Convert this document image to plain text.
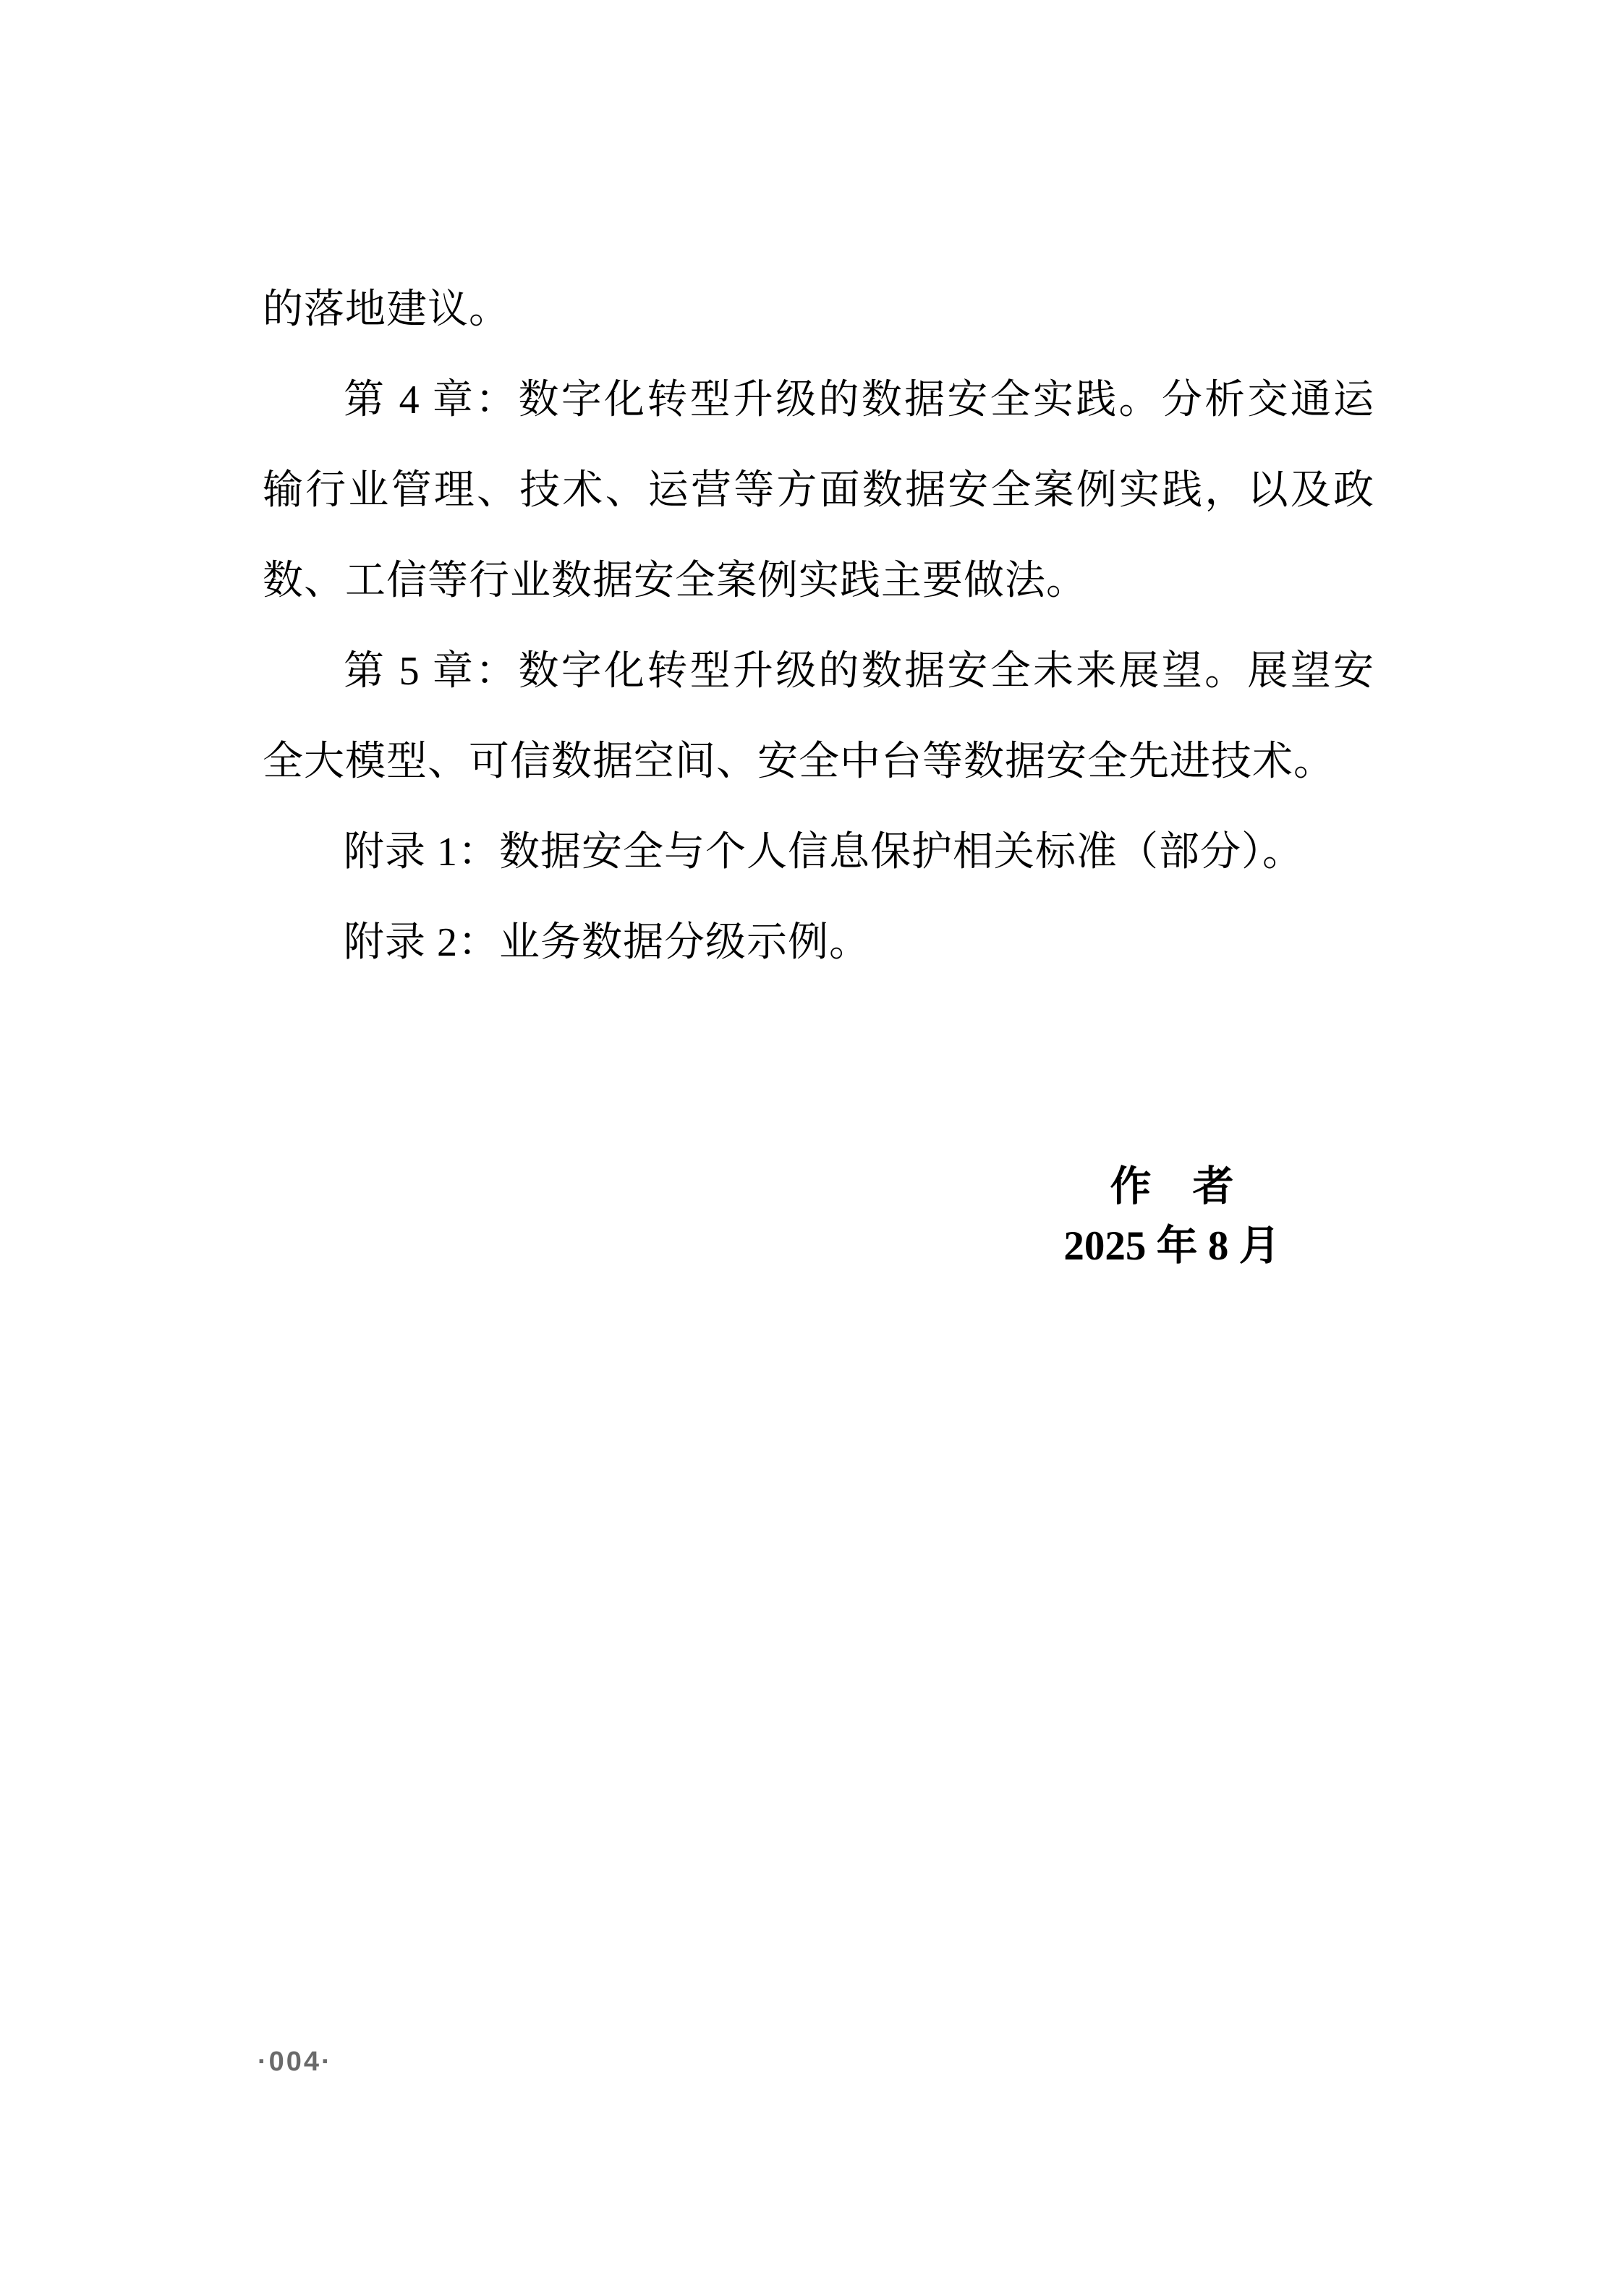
的落地建议。

第 4 章：数字化转型升级的数据安全实践。分析交通运输行业管理、技术、运营等方面数据安全案例实践，以及政数、工信等行业数据安全案例实践主要做法。

第 5 章：数字化转型升级的数据安全未来展望。展望安全大模型、可信数据空间、安全中台等数据安全先进技术。

附录 1：数据安全与个人信息保护相关标准（部分）。

附录 2：业务数据分级示例。

作　者
2025 年 8 月
·004·
